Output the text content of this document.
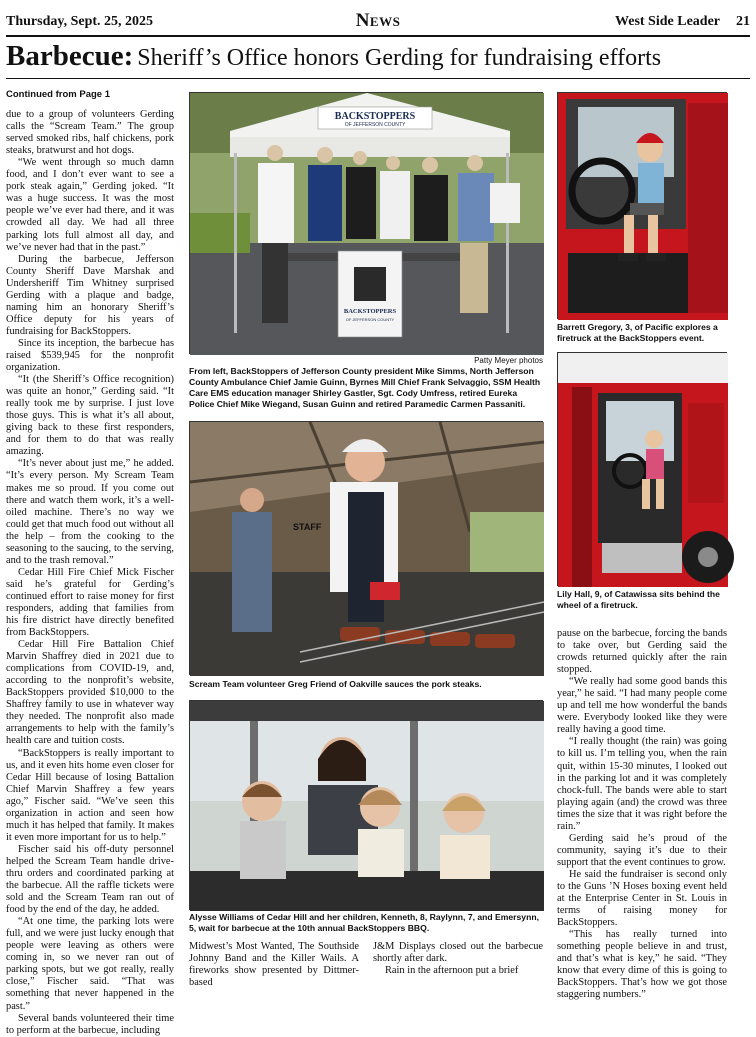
Thursday, Sept. 25, 2025	News	West Side Leader 21
Barbecue: Sheriff’s Office honors Gerding for fundraising efforts

Continued from Page 1

due to a group of volunteers Gerding calls the “Scream Team.” The group served smoked ribs, half chickens, pork steaks, bratwurst and hot dogs.

“We went through so much damn food, and I don’t ever want to see a pork steak again,” Gerding joked. “It was a huge success. It was the most people we’ve ever had there, and it was crowded all day. We had all three parking lots full almost all day, and we’ve never had that in the past.”

During the barbecue, Jefferson County Sheriff Dave Marshak and Undersheriff Tim Whitney surprised Gerding with a plaque and badge, naming him an honorary Sheriff’s Office deputy for his years of fundraising for BackStoppers.

Since its inception, the barbecue has raised $539,945 for the nonprofit organization.

“It (the Sheriff’s Office recognition) was quite an honor,” Gerding said. “It really took me by surprise. I just love those guys. This is what it’s all about, giving back to these first responders, and for them to do that was really amazing.

“It’s never about just me,” he added. “It’s every person. My Scream Team makes me so proud. If you come out there and watch them work, it’s a well-oiled machine. There’s no way we could get that much food out without all the help – from the cooking to the seasoning to the saucing, to the serving, and to the trash removal.”

Cedar Hill Fire Chief Mick Fischer said he’s grateful for Gerding’s continued effort to raise money for first responders, adding that families from his fire district have directly benefited from BackStoppers.

Cedar Hill Fire Battalion Chief Marvin Shaffrey died in 2021 due to complications from COVID-19, and, according to the nonprofit’s website, BackStoppers provided $10,000 to the Shaffrey family to use in whatever way they needed. The nonprofit also made arrangements to help with the family’s health care and tuition costs.

“BackStoppers is really important to us, and it even hits home even closer for Cedar Hill because of losing Battalion Chief Marvin Shaffrey a few years ago,” Fischer said. “We’ve seen this organization in action and seen how much it has helped that family. It makes it even more important for us to help.”

Fischer said his off-duty personnel helped the Scream Team handle drive-thru orders and coordinated parking at the barbecue. All the raffle tickets were sold and the Scream Team ran out of food by the end of the day, he added.

“At one time, the parking lots were full, and we were just lucky enough that people were leaving as others were coming in, so we never ran out of parking spots, but we got really, really close,” Fischer said. “That was something that never happened in the past.”

Several bands volunteered their time to perform at the barbecue, including

BACKSTOPPERS
OF JEFFERSON COUNTY
BACKSTOPPERS
OF JEFFERSON COUNTY
Patty Meyer photos
From left, BackStoppers of Jefferson County president Mike Simms, North Jefferson County Ambulance Chief Jamie Guinn, Byrnes Mill Chief Frank Selvaggio, SSM Health Care EMS education manager Shirley Gastler, Sgt. Cody Umfress, retired Eureka Police Chief Mike Wiegand, Susan Guinn and retired Paramedic Carmen Passaniti.
Barrett Gregory, 3, of Pacific explores a firetruck at the BackStoppers event.
STAFF
Scream Team volunteer Greg Friend of Oakville sauces the pork steaks.
Lily Hall, 9, of Catawissa sits behind the wheel of a firetruck.
Alysse Williams of Cedar Hill and her children, Kenneth, 8, Raylynn, 7, and Emersynn, 5, wait for barbecue at the 10th annual BackStoppers BBQ.

Midwest’s Most Wanted, The Southside Johnny Band and the Killer Wails. A fireworks show presented by Dittmer-based

J&M Displays closed out the barbecue shortly after dark.

Rain in the afternoon put a brief

pause on the barbecue, forcing the bands to take over, but Gerding said the crowds returned quickly after the rain stopped.

“We really had some good bands this year,” he said. “I had many people come up and tell me how wonderful the bands were. Everybody looked like they were really having a good time.

“I really thought (the rain) was going to kill us. I’m telling you, when the rain quit, within 15-30 minutes, I looked out in the parking lot and it was completely chock-full. The bands were able to start playing again (and) the crowd was three times the size that it was right before the rain.”

Gerding said he’s proud of the community, saying it’s due to their support that the event continues to grow.

He said the fundraiser is second only to the Guns ’N Hoses boxing event held at the Enterprise Center in St. Louis in terms of raising money for BackStoppers.

“This has really turned into something people believe in and trust, and that’s what is key,” he said. “They know that every dime of this is going to BackStoppers. That’s how we got those staggering numbers.”
